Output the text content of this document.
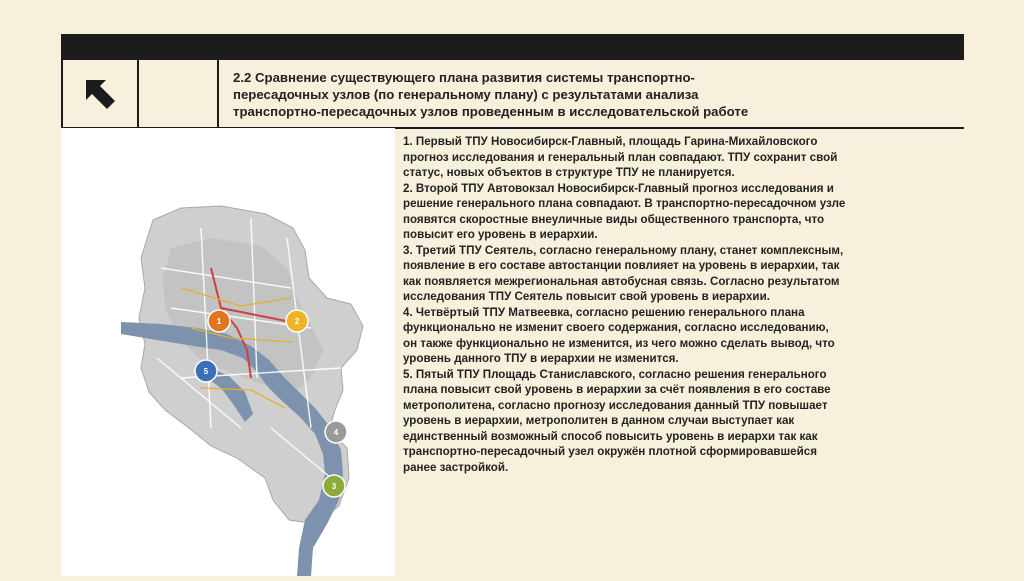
2.2 Сравнение существующего плана развития системы транспортно-
пересадочных узлов (по генеральному плану) с результатами анализа
транспортно-пересадочных узлов проведенным в исследовательской работе
1	2
5
4
3

1. Первый ТПУ Новосибирск-Главный, площадь Гарина-Михайловского

прогноз исследования и генеральный план совпадают. ТПУ сохранит свой

статус, новых объектов в структуре ТПУ не планируется.

2. Второй ТПУ Автовокзал Новосибирск-Главный прогноз исследования и

решение генерального плана совпадают. В транспортно-пересадочном узле

появятся скоростные внеуличные виды общественного транспорта, что

повысит его уровень в иерархии.

3. Третий ТПУ Сеятель, согласно генеральному плану, станет комплексным,

появление в его составе автостанции повлияет на уровень в иерархии, так

как появляется межрегиональная автобусная связь. Согласно результатом

исследования ТПУ Сеятель повысит свой уровень в иерархии.

4. Четвёртый ТПУ Матвеевка, согласно решению генерального плана

функционально не изменит своего содержания, согласно исследованию,

он также функционально не изменится, из чего можно сделать вывод, что

уровень данного ТПУ в иерархии не изменится.

5. Пятый ТПУ Площадь Станиславского, согласно решения генерального

плана повысит свой уровень в иерархии за счёт появления в его составе

метрополитена, согласно прогнозу исследования данный ТПУ повышает

уровень в иерархии, метрополитен в данном случаи выступает как

единственный возможный способ повысить уровень в иерархи так как

транспортно-пересадочный узел окружён плотной сформировавшейся

ранее застройкой.
